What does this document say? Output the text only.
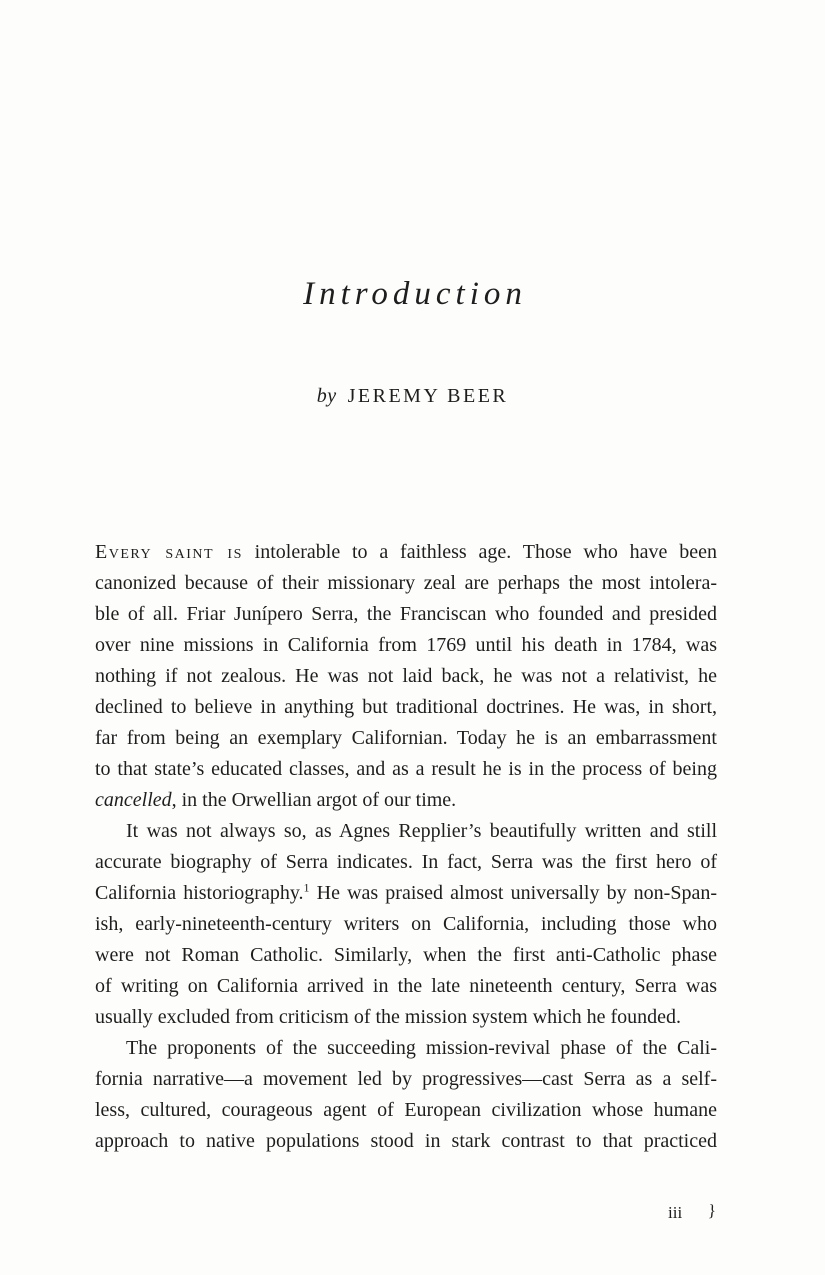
Introduction
by JEREMY BEER
Every saint is intolerable to a faithless age. Those who have been
canonized because of their missionary zeal are perhaps the most intolera-
ble of all. Friar Junípero Serra, the Franciscan who founded and presided
over nine missions in California from 1769 until his death in 1784, was
nothing if not zealous. He was not laid back, he was not a relativist, he
declined to believe in anything but traditional doctrines. He was, in short,
far from being an exemplary Californian. Today he is an embarrassment
to that state’s educated classes, and as a result he is in the process of being
cancelled, in the Orwellian argot of our time.
It was not always so, as Agnes Repplier’s beautifully written and still
accurate biography of Serra indicates. In fact, Serra was the first hero of
California historiography.$^1$ He was praised almost universally by non-Span-
ish, early-nineteenth-century writers on California, including those who
were not Roman Catholic. Similarly, when the first anti-Catholic phase
of writing on California arrived in the late nineteenth century, Serra was
usually excluded from criticism of the mission system which he founded.
The proponents of the succeeding mission-revival phase of the Cali-
fornia narrative—a movement led by progressives—cast Serra as a self-
less, cultured, courageous agent of European civilization whose humane
approach to native populations stood in stark contrast to that practiced
iii }
